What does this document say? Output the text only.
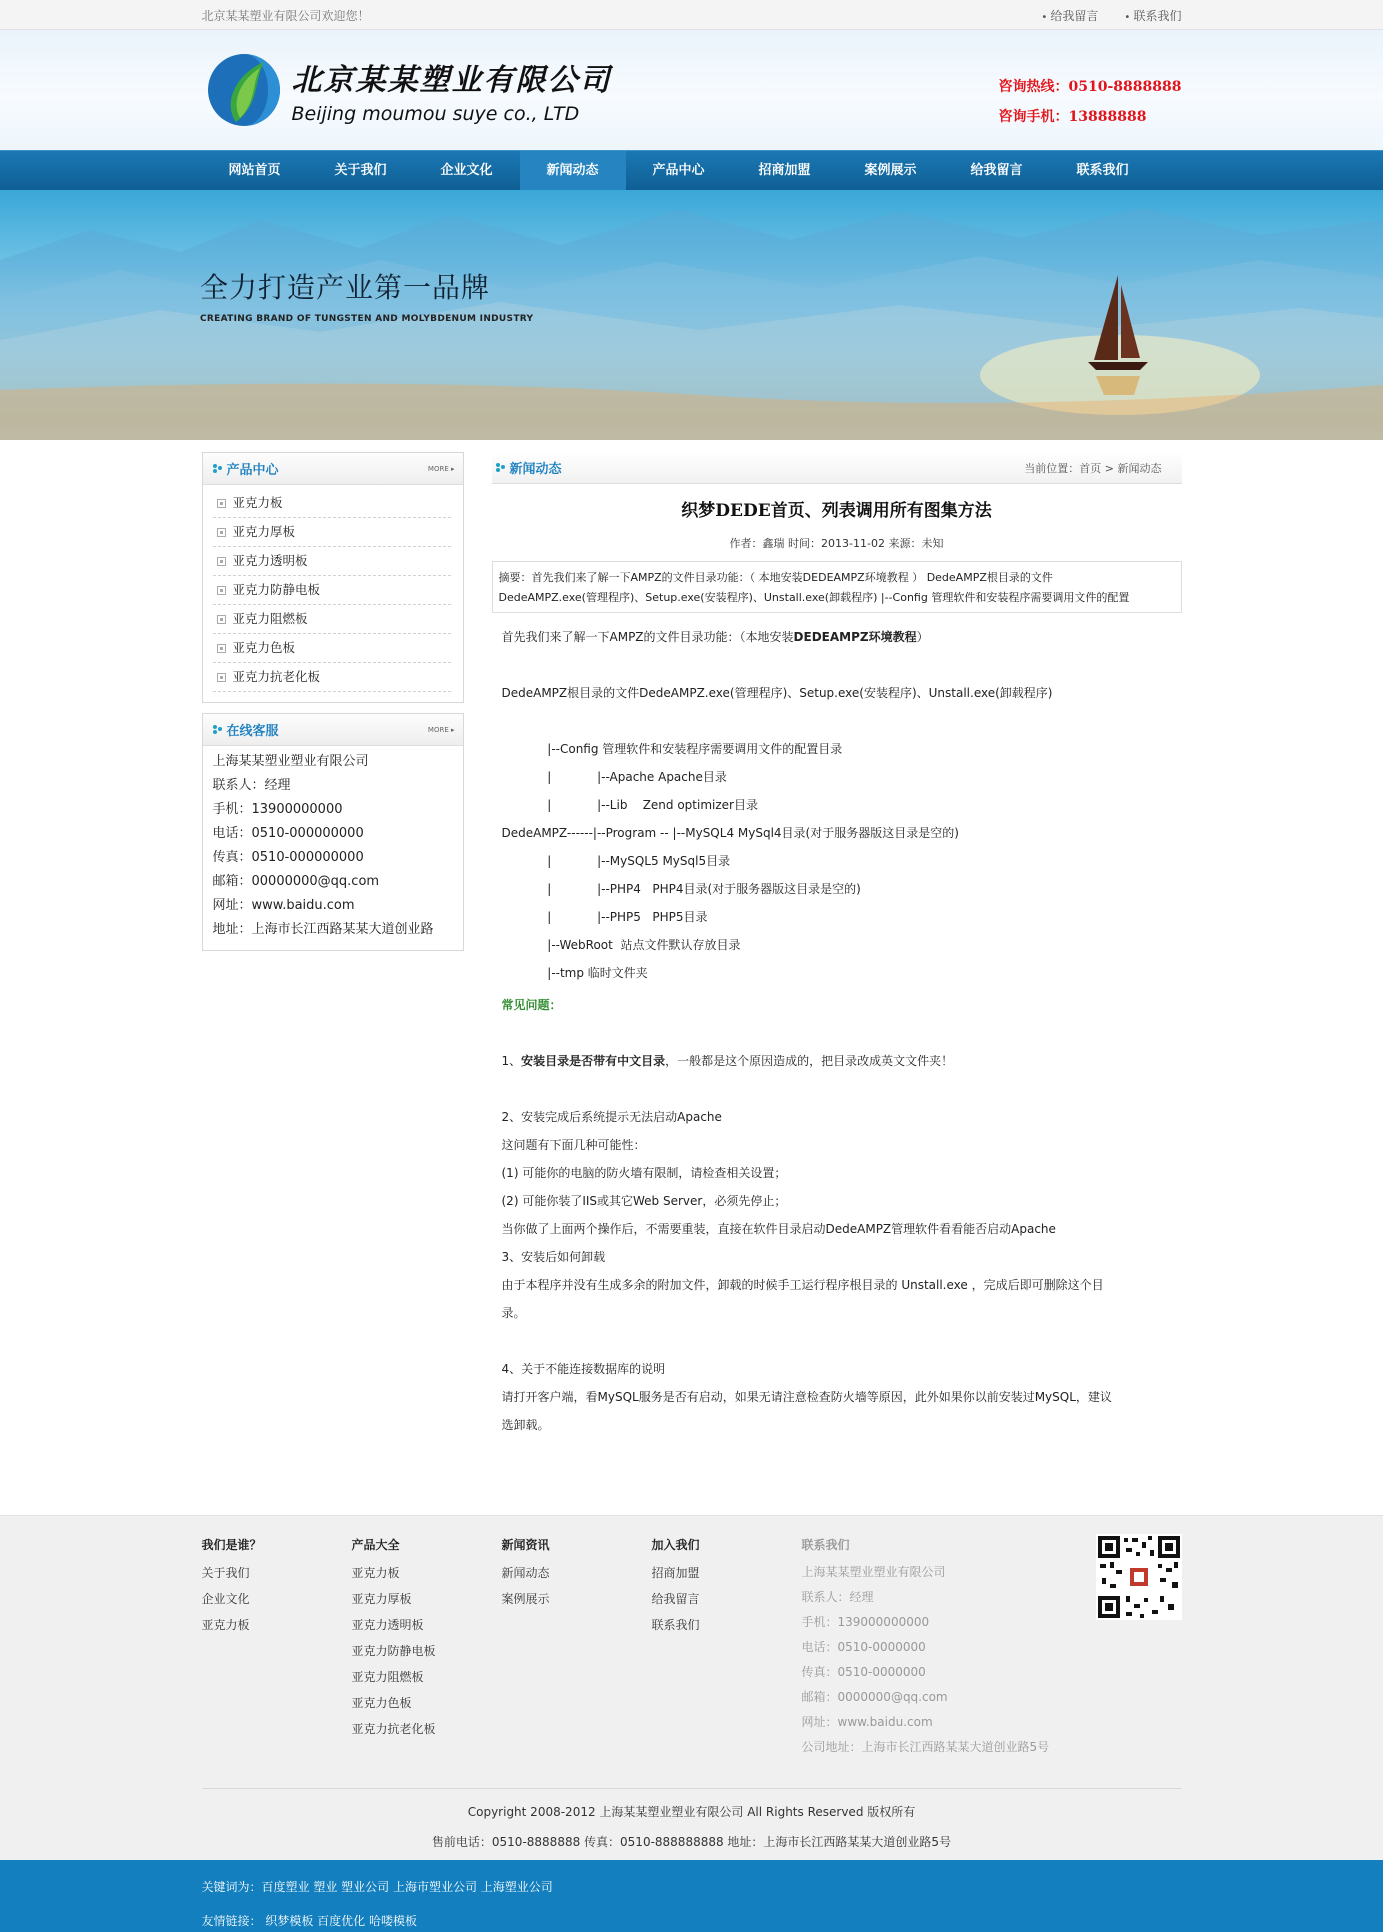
北京某某塑业有限公司欢迎您！	• 给我留言	• 联系我们
北京某某塑业有限公司
Beijing moumou suye co., LTD
咨询热线：0510-8888888
咨询手机：13888888
网站首页	关于我们	企业文化	新闻动态	产品中心	招商加盟	案例展示	给我留言	联系我们
全力打造产业第一品牌
CREATING BRAND OF TUNGSTEN AND MOLYBDENUM INDUSTRY
产品中心	MORE ▸
亚克力板
亚克力厚板
亚克力透明板
亚克力防静电板
亚克力阻燃板
亚克力色板
亚克力抗老化板
在线客服	MORE ▸
上海某某塑业塑业有限公司
联系人：经理
手机：13900000000
电话：0510-000000000
传真：0510-000000000
邮箱：00000000@qq.com
网址：www.baidu.com
地址：上海市长江西路某某大道创业路
新闻动态	当前位置：首页 > 新闻动态
织梦DEDE首页、列表调用所有图集方法
作者：鑫瑞 时间：2013-11-02 来源：未知
摘要：首先我们来了解一下AMPZ的文件目录功能：（ 本地安装DEDEAMPZ环境教程 ） DedeAMPZ根目录的文件
DedeAMPZ.exe(管理程序)、Setup.exe(安装程序)、Unstall.exe(卸载程序) |--Config 管理软件和安装程序需要调用文件的配置

首先我们来了解一下AMPZ的文件目录功能：（本地安装DEDEAMPZ环境教程）

DedeAMPZ根目录的文件DedeAMPZ.exe(管理程序)、Setup.exe(安装程序)、Unstall.exe(卸载程序)

|--Config 管理软件和安装程序需要调用文件的配置目录

|            |--Apache Apache目录

|            |--Lib    Zend optimizer目录

DedeAMPZ------|--Program -- |--MySQL4 MySql4目录(对于服务器版这目录是空的)

|            |--MySQL5 MySql5目录

|            |--PHP4   PHP4目录(对于服务器版这目录是空的)

|            |--PHP5   PHP5目录

|--WebRoot  站点文件默认存放目录

|--tmp 临时文件夹

常见问题：

1、安装目录是否带有中文目录，一般都是这个原因造成的，把目录改成英文文件夹！

2、安装完成后系统提示无法启动Apache

这问题有下面几种可能性：

(1) 可能你的电脑的防火墙有限制，请检查相关设置；

(2) 可能你装了IIS或其它Web Server，必须先停止；

当你做了上面两个操作后，不需要重装，直接在软件目录启动DedeAMPZ管理软件看看能否启动Apache

3、安装后如何卸载

由于本程序并没有生成多余的附加文件，卸载的时候手工运行程序根目录的 Unstall.exe ，完成后即可删除这个目

录。

4、关于不能连接数据库的说明

请打开客户端，看MySQL服务是否有启动，如果无请注意检查防火墙等原因，此外如果你以前安装过MySQL，建议

选卸载。

我们是谁？
关于我们
企业文化
亚克力板
产品大全
亚克力板
亚克力厚板
亚克力透明板
亚克力防静电板
亚克力阻燃板
亚克力色板
亚克力抗老化板
新闻资讯
新闻动态
案例展示
加入我们
招商加盟
给我留言
联系我们
联系我们
上海某某塑业塑业有限公司
联系人：经理
手机：139000000000
电话：0510-0000000
传真：0510-0000000
邮箱：0000000@qq.com
网址：www.baidu.com
公司地址：上海市长江西路某某大道创业路5号
Copyright 2008-2012 上海某某塑业塑业有限公司 All Rights Reserved 版权所有
售前电话：0510-8888888 传真：0510-888888888 地址：上海市长江西路某某大道创业路5号
关键词为：百度塑业 塑业 塑业公司 上海市塑业公司 上海塑业公司
友情链接： 织梦模板 百度优化 哈喽模板
